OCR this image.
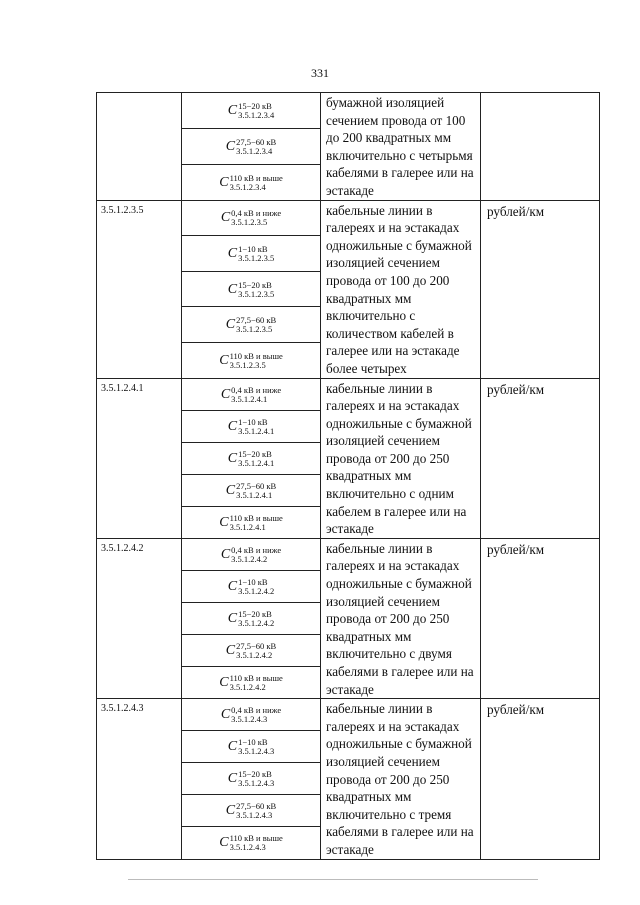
331

	C 15−20 кВ
3.5.1.2.3.4	бумажной изоляцией сечением провода от 100 до 200 квадратных мм включительно с четырьмя кабелями в галерее или на эстакаде	

	C 27,5−60 кВ
3.5.1.2.3.4		

	C 110 кВ и выше
3.5.1.2.3.4		

3.5.1.2.3.5	C 0,4 кВ и ниже
3.5.1.2.3.5	кабельные линии в галереях и на эстакадах одножильные с бумажной изоляцией сечением провода от 100 до 200 квадратных мм включительно с количеством кабелей в галерее или на эстакаде более четырех	рублей/км

	C 1−10 кВ
3.5.1.2.3.5		

	C 15−20 кВ
3.5.1.2.3.5		

	C 27,5−60 кВ
3.5.1.2.3.5		

	C 110 кВ и выше
3.5.1.2.3.5		

3.5.1.2.4.1	C 0,4 кВ и ниже
3.5.1.2.4.1	кабельные линии в галереях и на эстакадах одножильные с бумажной изоляцией сечением провода от 200 до 250 квадратных мм включительно с одним кабелем в галерее или на эстакаде	рублей/км

	C 1−10 кВ
3.5.1.2.4.1		

	C 15−20 кВ
3.5.1.2.4.1		

	C 27,5−60 кВ
3.5.1.2.4.1		

	C 110 кВ и выше
3.5.1.2.4.1		

3.5.1.2.4.2	C 0,4 кВ и ниже
3.5.1.2.4.2	кабельные линии в галереях и на эстакадах одножильные с бумажной изоляцией сечением провода от 200 до 250 квадратных мм включительно с двумя кабелями в галерее или на эстакаде	рублей/км

	C 1−10 кВ
3.5.1.2.4.2		

	C 15−20 кВ
3.5.1.2.4.2		

	C 27,5−60 кВ
3.5.1.2.4.2		

	C 110 кВ и выше
3.5.1.2.4.2		

3.5.1.2.4.3	C 0,4 кВ и ниже
3.5.1.2.4.3	кабельные линии в галереях и на эстакадах одножильные с бумажной изоляцией сечением провода от 200 до 250 квадратных мм включительно с тремя кабелями в галерее или на эстакаде	рублей/км

	C 1−10 кВ
3.5.1.2.4.3		

	C 15−20 кВ
3.5.1.2.4.3		

	C 27,5−60 кВ
3.5.1.2.4.3		

	C 110 кВ и выше
3.5.1.2.4.3		
